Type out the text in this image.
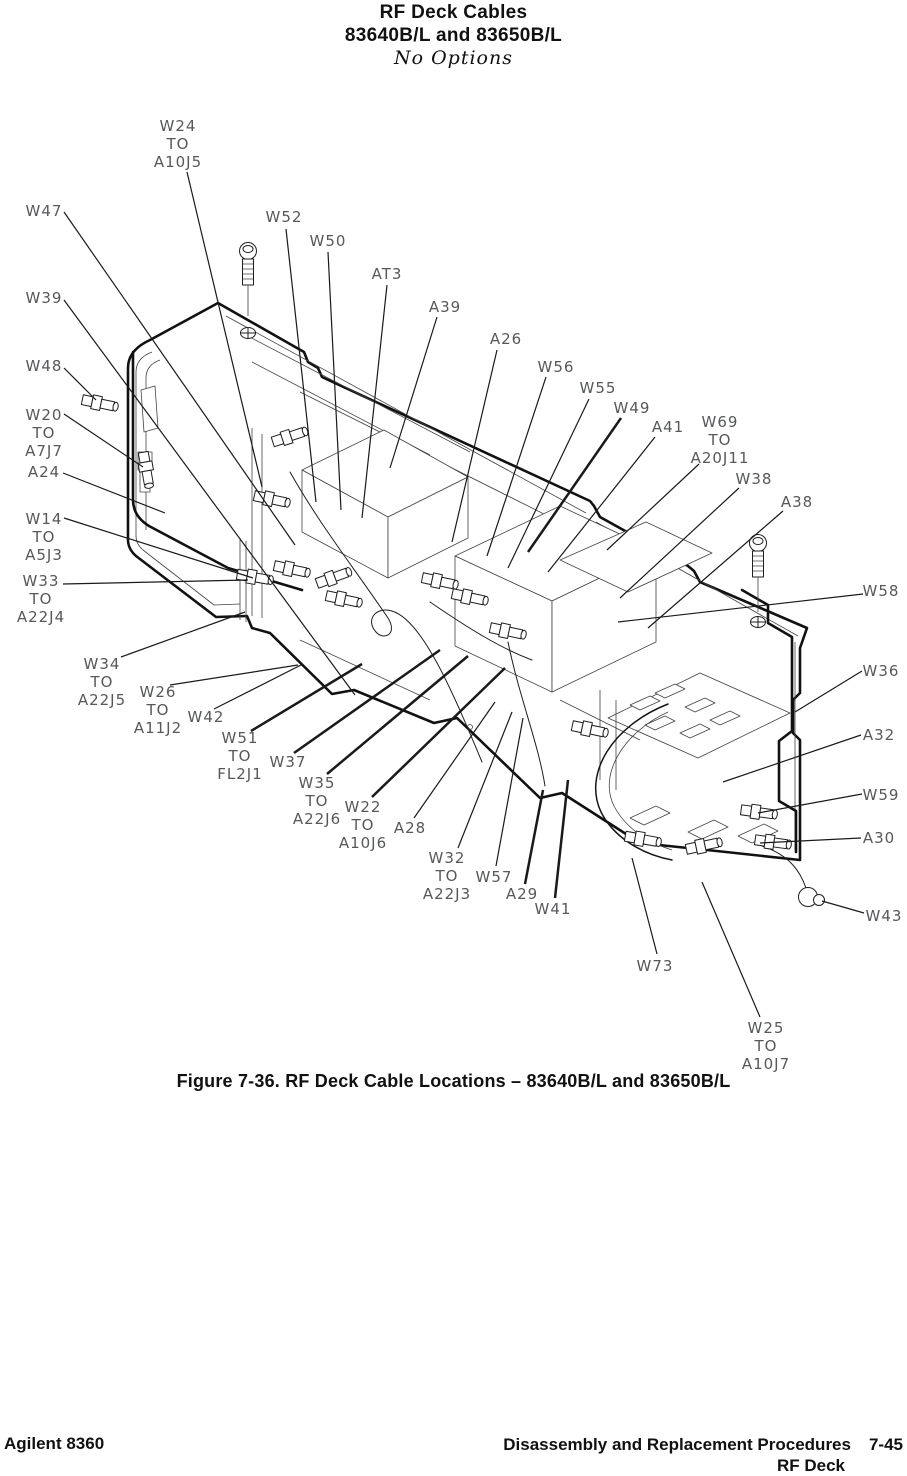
RF Deck Cables
83640B/L and 83650B/L
No Options
W24 TO A10J5
W47	W52
W50
AT3
A39
A26
W56
W55
W49
A41	W69 TO A20J11
W38
A38
W58
W39
W48
W20 TO A7J7
A24
W14 TO A5J3
W33 TO A22J4
W34 TO A22J5 W26 TO A11J2
W42
W51 TO FL2J1
W37
W35 TO A22J6
W22 TO A10J6
A28
W32 TO A22J3
W57
A29
W41
W73
W25 TO A10J7
W43
W36
A32
W59
A30
Figure 7-36. RF Deck Cable Locations – 83640B/L and 83650B/L
Agilent 8360	Disassembly and Replacement Procedures 7-45
RF Deck
